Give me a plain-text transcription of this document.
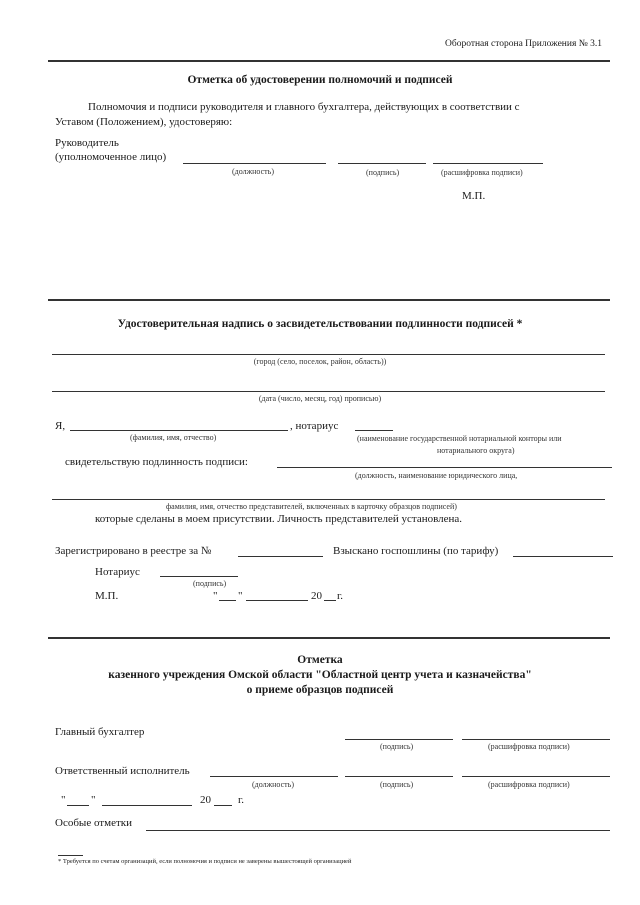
Оборотная сторона Приложения № 3.1
Отметка об удостоверении полномочий и подписей
Полномочия и подписи руководителя и главного бухгалтера, действующих в соответствии с
Уставом (Положением), удостоверяю:
Руководитель
(уполномоченное лицо)
(должность)	(подпись)	(расшифровка подписи)
М.П.
Удостоверительная надпись о засвидетельствовании подлинности подписей *
(город (село, поселок, район, область))
(дата (число, месяц, год) прописью)
Я,	, нотариус
(фамилия, имя, отчество)	(наименование государственной нотариальной конторы или
нотариального округа)
свидетельствую подлинность подписи:
(должность, наименование юридического лица,
фамилия, имя, отчество представителей, включенных в карточку образцов подписей)
которые сделаны в моем присутствии. Личность представителей установлена.
Зарегистрировано в реестре за №	Взыскано госпошлины (по тарифу)
Нотариус
(подпись)
М.П.	" "	20 г.
Отметка
казенного учреждения Омской области "Областной центр учета и казначейства"
о приеме образцов подписей
Главный бухгалтер
(подпись)	(расшифровка подписи)
Ответственный исполнитель
(должность)	(подпись)	(расшифровка подписи)
" "	20 г.
Особые отметки
* Требуется по счетам организаций, если полномочия и подписи не заверены вышестоящей организацией
